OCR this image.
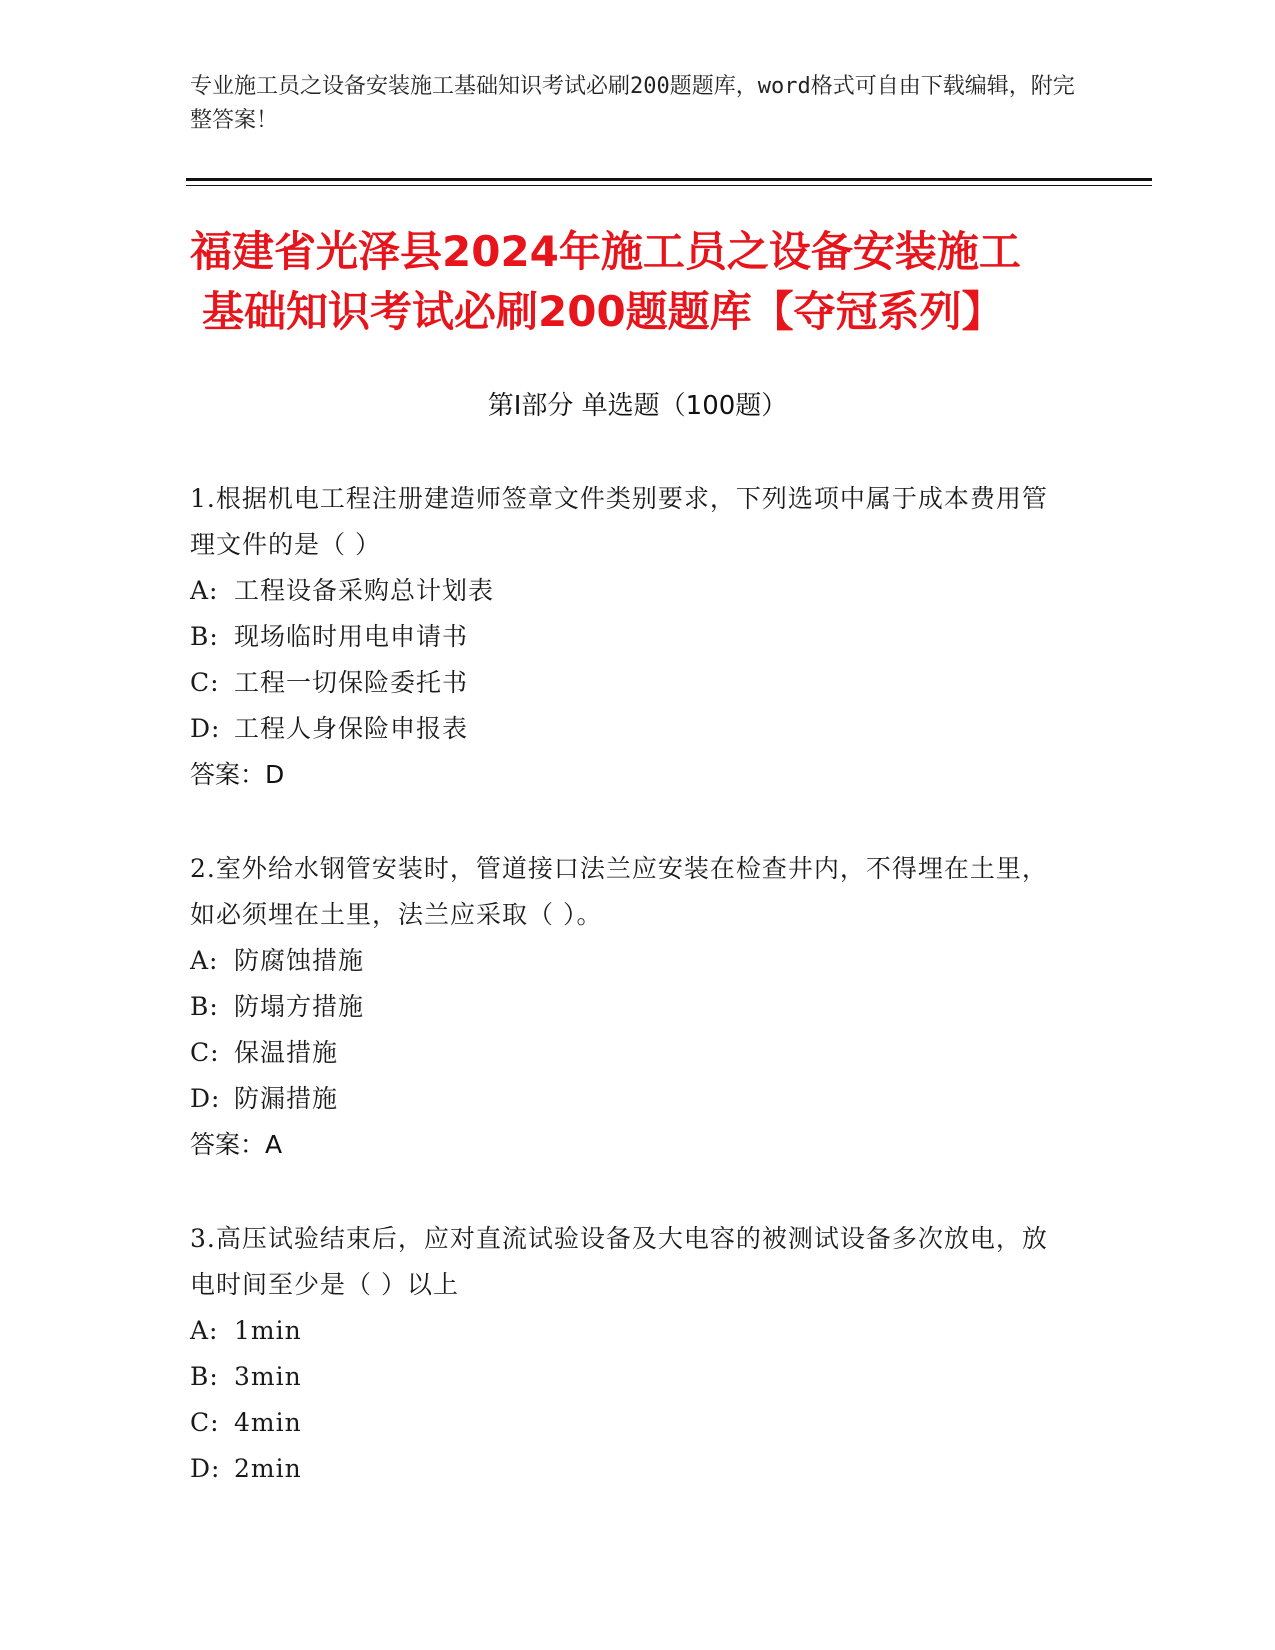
专业施工员之设备安装施工基础知识考试必刷200题题库，word格式可自由下载编辑，附完整答案！
福建省光泽县2024年施工员之设备安装施工
基础知识考试必刷200题题库【夺冠系列】
第Ⅰ部分 单选题（100题）
1.根据机电工程注册建造师签章文件类别要求，下列选项中属于成本费用管理文件的是（ ）
A: 工程设备采购总计划表
B: 现场临时用电申请书
C: 工程一切保险委托书
D: 工程人身保险申报表
答案：D
2.室外给水钢管安装时，管道接口法兰应安装在检查井内，不得埋在土里，如必须埋在土里，法兰应采取（ ）。
A: 防腐蚀措施
B: 防塌方措施
C: 保温措施
D: 防漏措施
答案：A
3.高压试验结束后，应对直流试验设备及大电容的被测试设备多次放电，放电时间至少是（ ）以上
A: 1min
B: 3min
C: 4min
D: 2min
